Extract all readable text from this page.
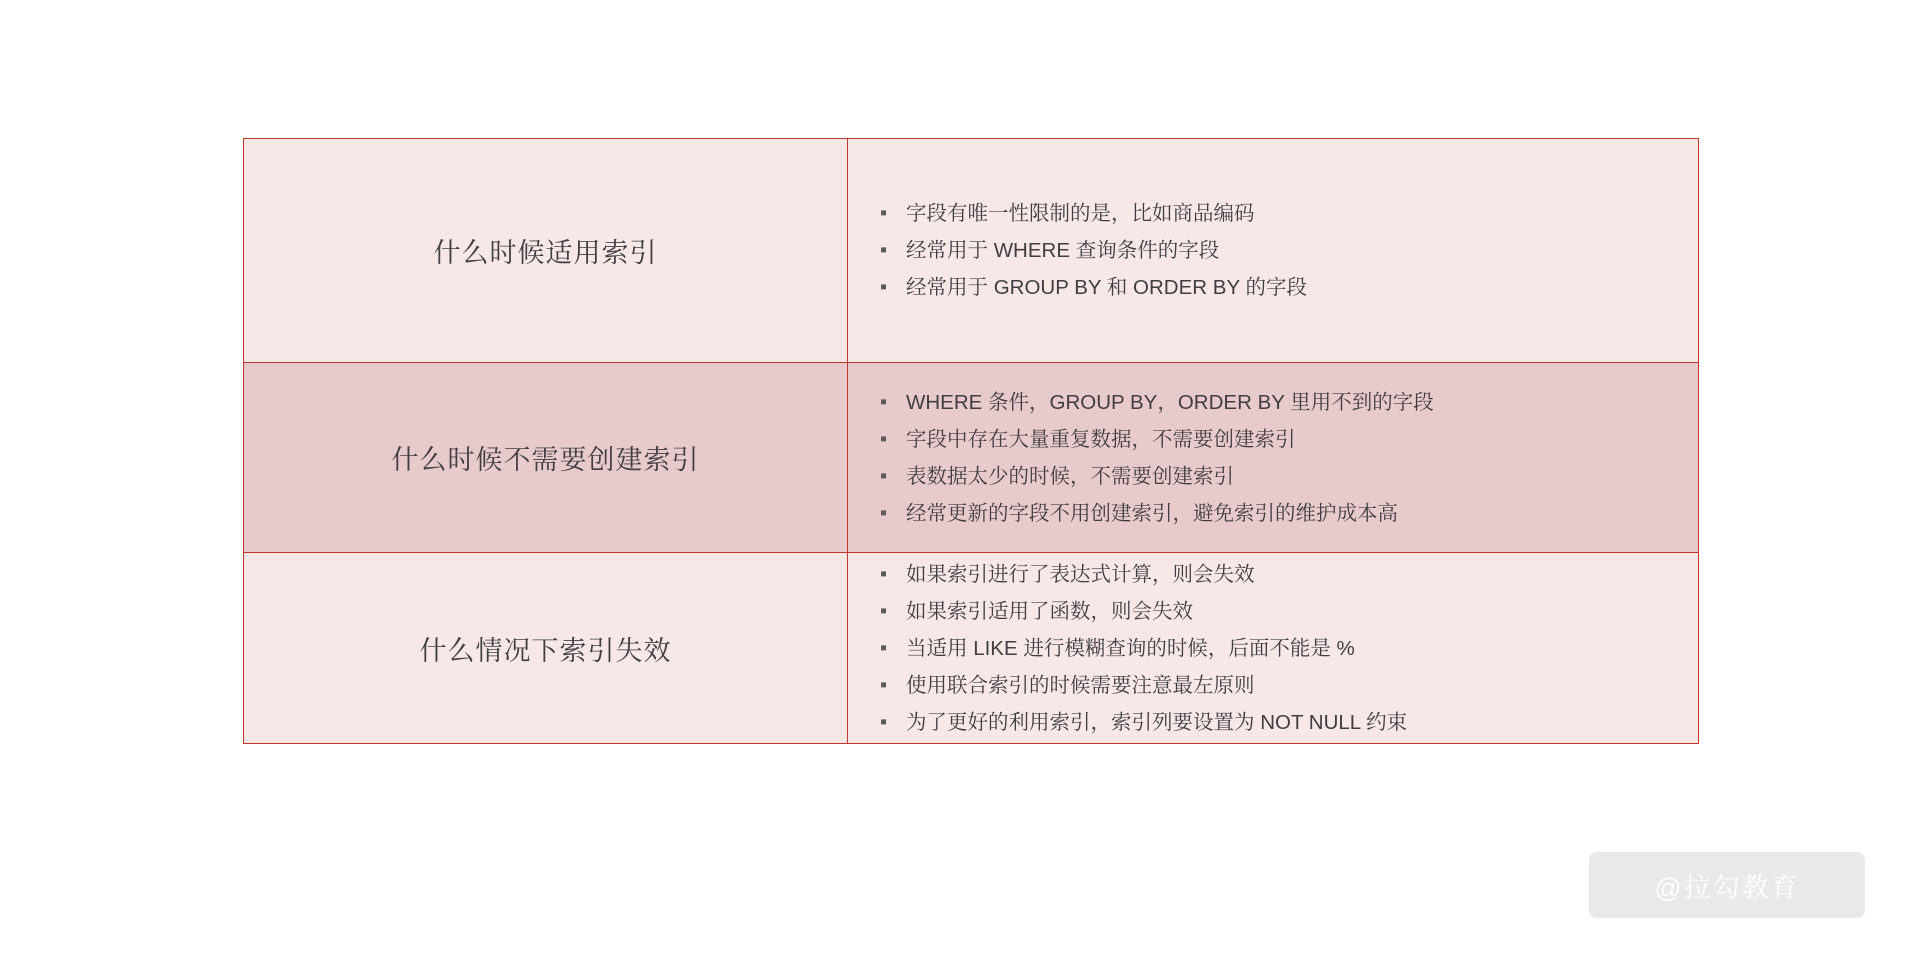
什么时候适用索引
▪ 字段有唯一性限制的是，比如商品编码
▪ 经常用于 WHERE 查询条件的字段
▪ 经常用于 GROUP BY 和 ORDER BY 的字段
什么时候不需要创建索引
▪ WHERE 条件，GROUP BY，ORDER BY 里用不到的字段
▪ 字段中存在大量重复数据，不需要创建索引
▪ 表数据太少的时候，不需要创建索引
▪ 经常更新的字段不用创建索引，避免索引的维护成本高
什么情况下索引失效
▪ 如果索引进行了表达式计算，则会失效
▪ 如果索引适用了函数，则会失效
▪ 当适用 LIKE 进行模糊查询的时候，后面不能是 %
▪ 使用联合索引的时候需要注意最左原则
▪ 为了更好的利用索引，索引列要设置为 NOT NULL 约束
@拉勾教育
